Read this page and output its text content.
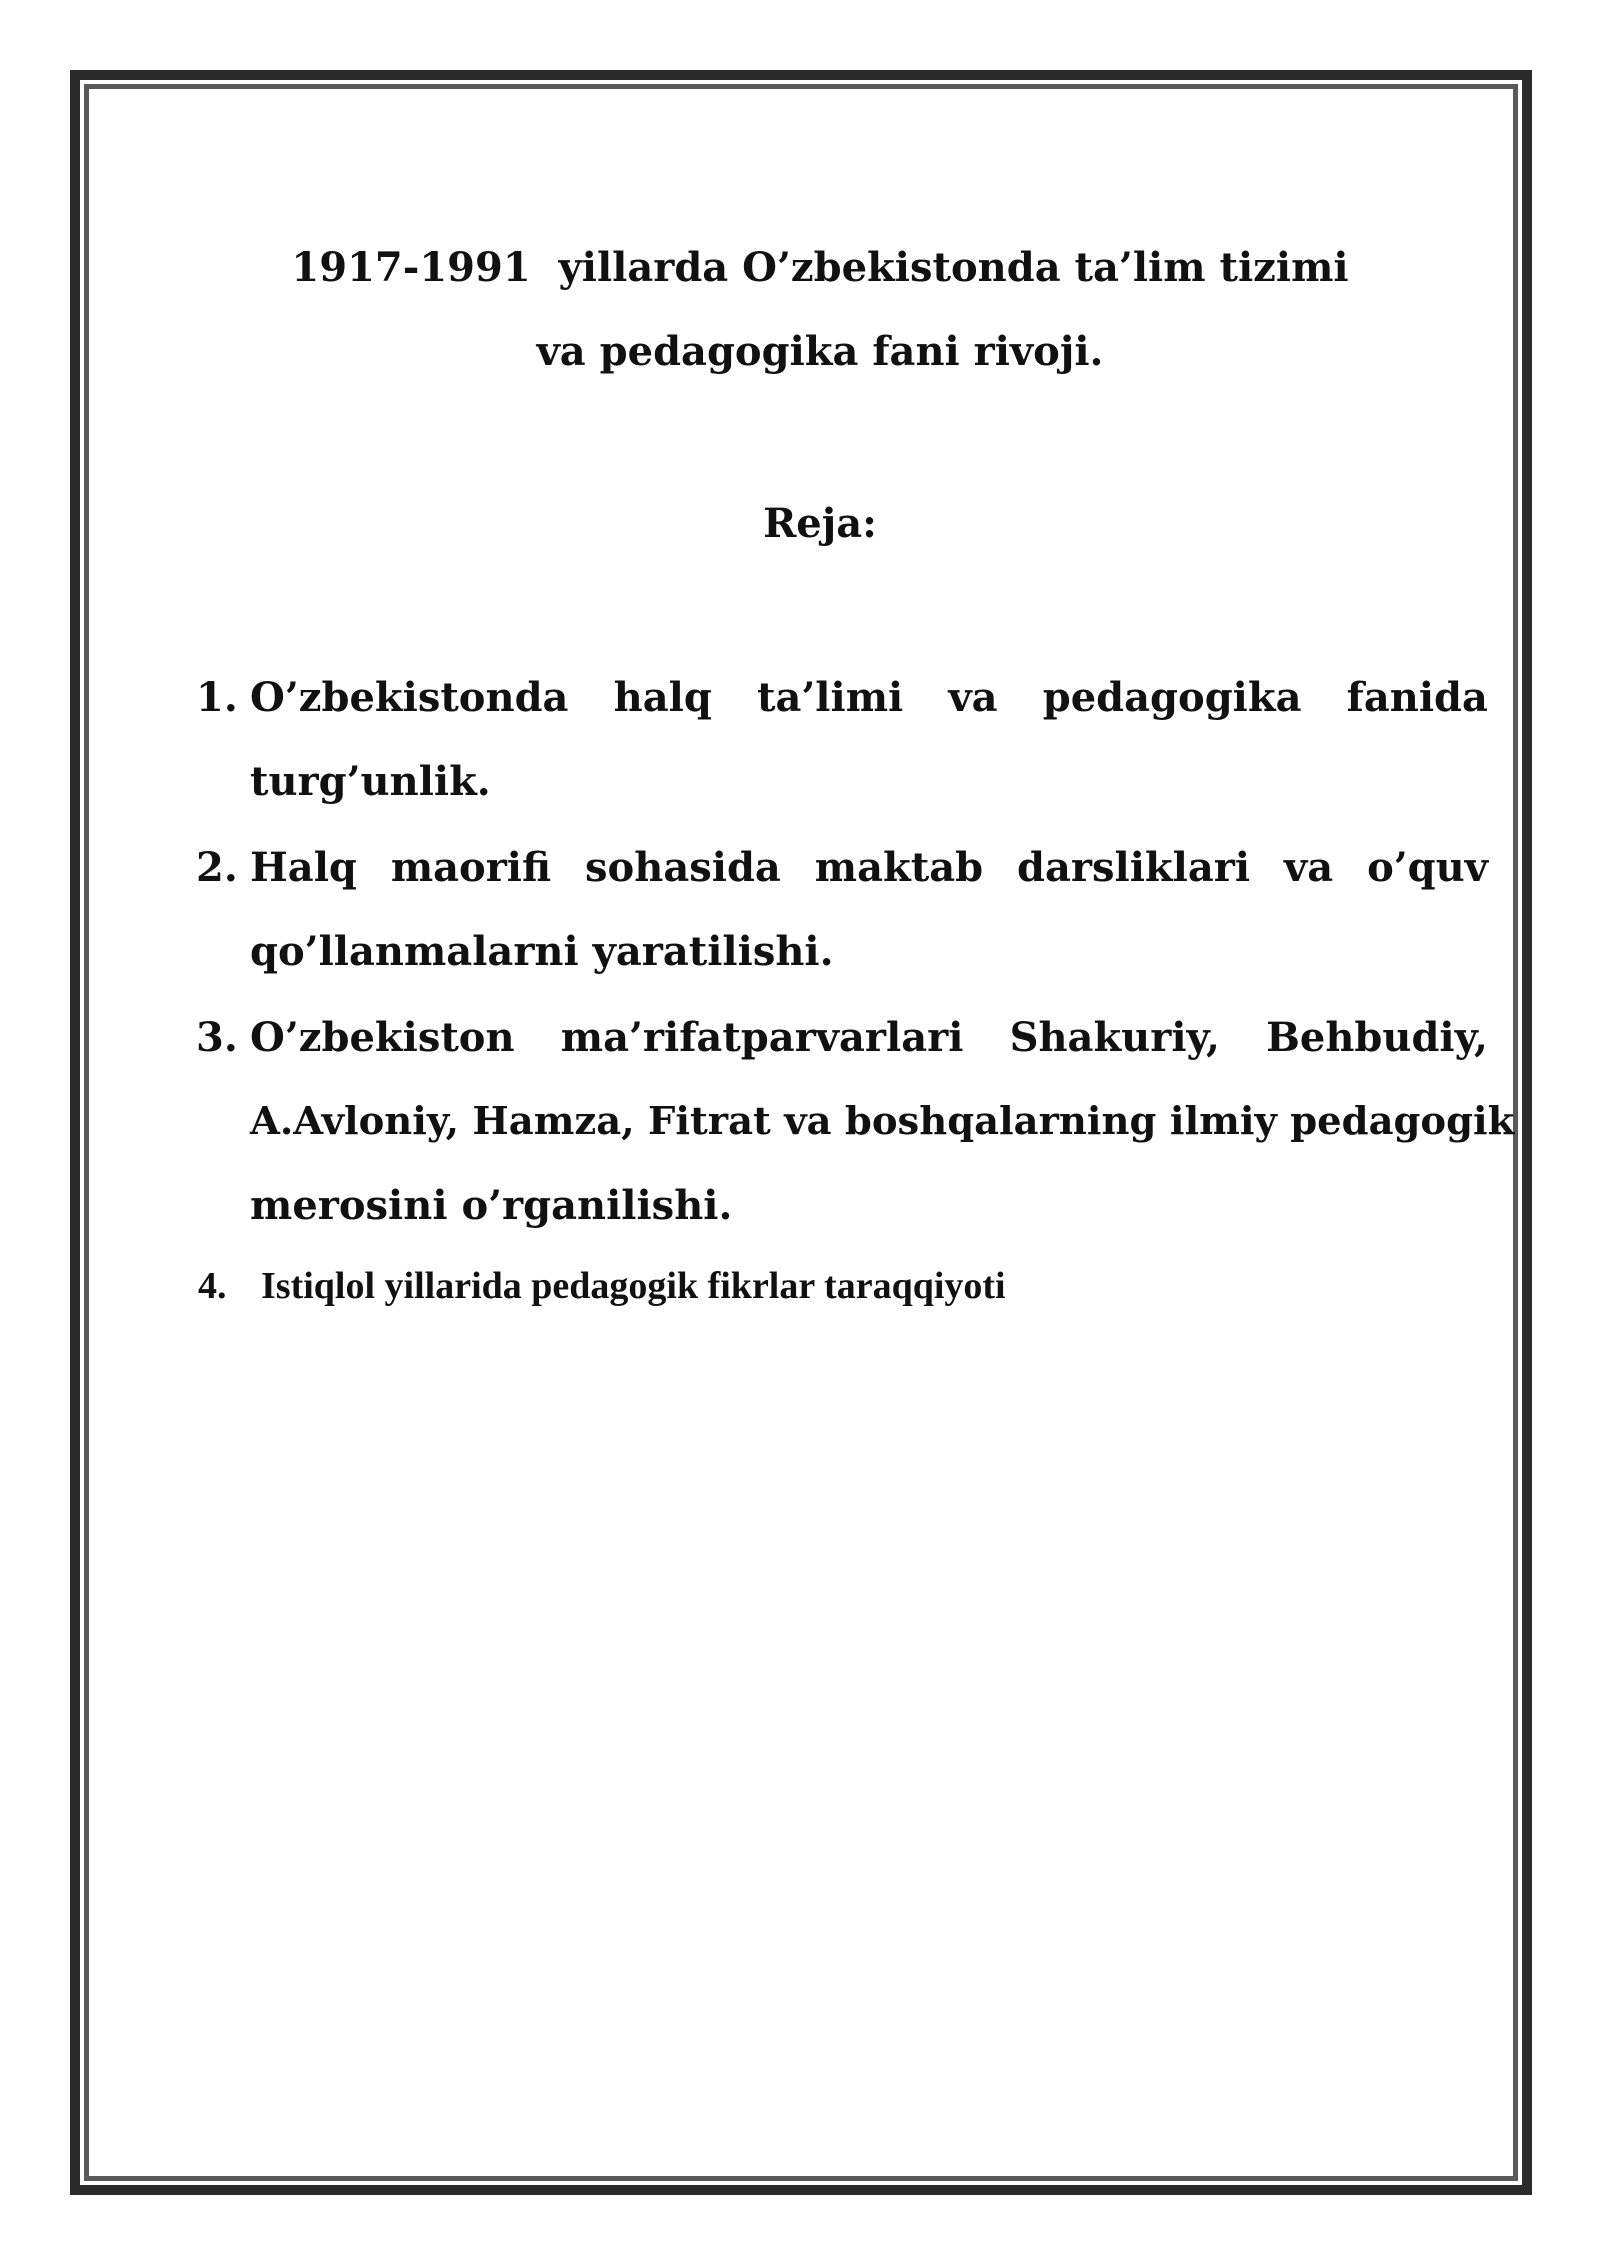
1917-1991  yillarda O’zbekistonda ta’lim tizimi
va pedagogika fani rivoji.
Reja:
1. O’zbekistonda halq ta’limi va pedagogika fanida
turg’unlik.
2. Halq maorifi sohasida maktab darsliklari va o’quv
qo’llanmalarni yaratilishi.
3. O’zbekiston ma’rifatparvarlari Shakuriy, Behbudiy,
A.Avloniy, Hamza, Fitrat va boshqalarning ilmiy pedagogik
merosini o’rganilishi.
4. Istiqlol yillarida pedagogik fikrlar taraqqiyoti
